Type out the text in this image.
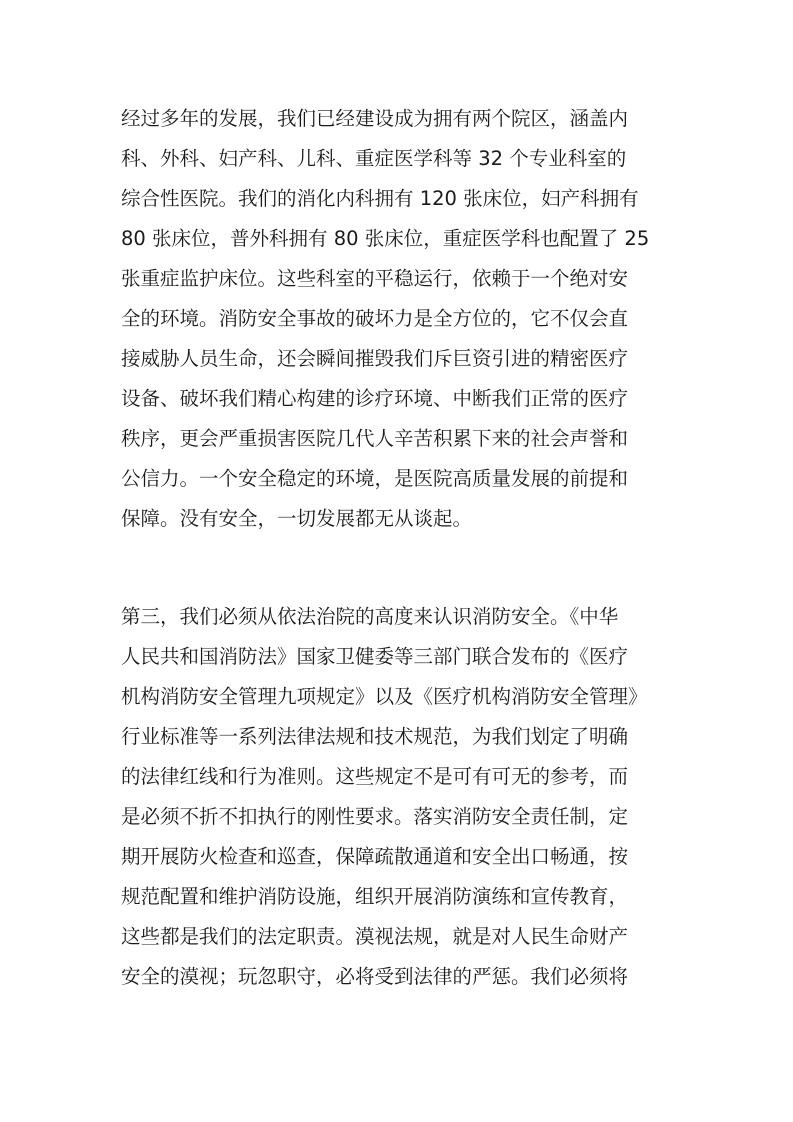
经过多年的发展，我们已经建设成为拥有两个院区，涵盖内
科、外科、妇产科、儿科、重症医学科等 32 个专业科室的
综合性医院。我们的消化内科拥有 120 张床位，妇产科拥有
80 张床位，普外科拥有 80 张床位，重症医学科也配置了 25
张重症监护床位。这些科室的平稳运行，依赖于一个绝对安
全的环境。消防安全事故的破坏力是全方位的，它不仅会直
接威胁人员生命，还会瞬间摧毁我们斥巨资引进的精密医疗
设备、破坏我们精心构建的诊疗环境、中断我们正常的医疗
秩序，更会严重损害医院几代人辛苦积累下来的社会声誉和
公信力。一个安全稳定的环境，是医院高质量发展的前提和
保障。没有安全，一切发展都无从谈起。
第三，我们必须从依法治院的高度来认识消防安全。《中华
人民共和国消防法》国家卫健委等三部门联合发布的《医疗
机构消防安全管理九项规定》以及《医疗机构消防安全管理》
行业标准等一系列法律法规和技术规范，为我们划定了明确
的法律红线和行为准则。这些规定不是可有可无的参考，而
是必须不折不扣执行的刚性要求。落实消防安全责任制，定
期开展防火检查和巡查，保障疏散通道和安全出口畅通，按
规范配置和维护消防设施，组织开展消防演练和宣传教育，
这些都是我们的法定职责。漠视法规，就是对人民生命财产
安全的漠视；玩忽职守，必将受到法律的严惩。我们必须将
